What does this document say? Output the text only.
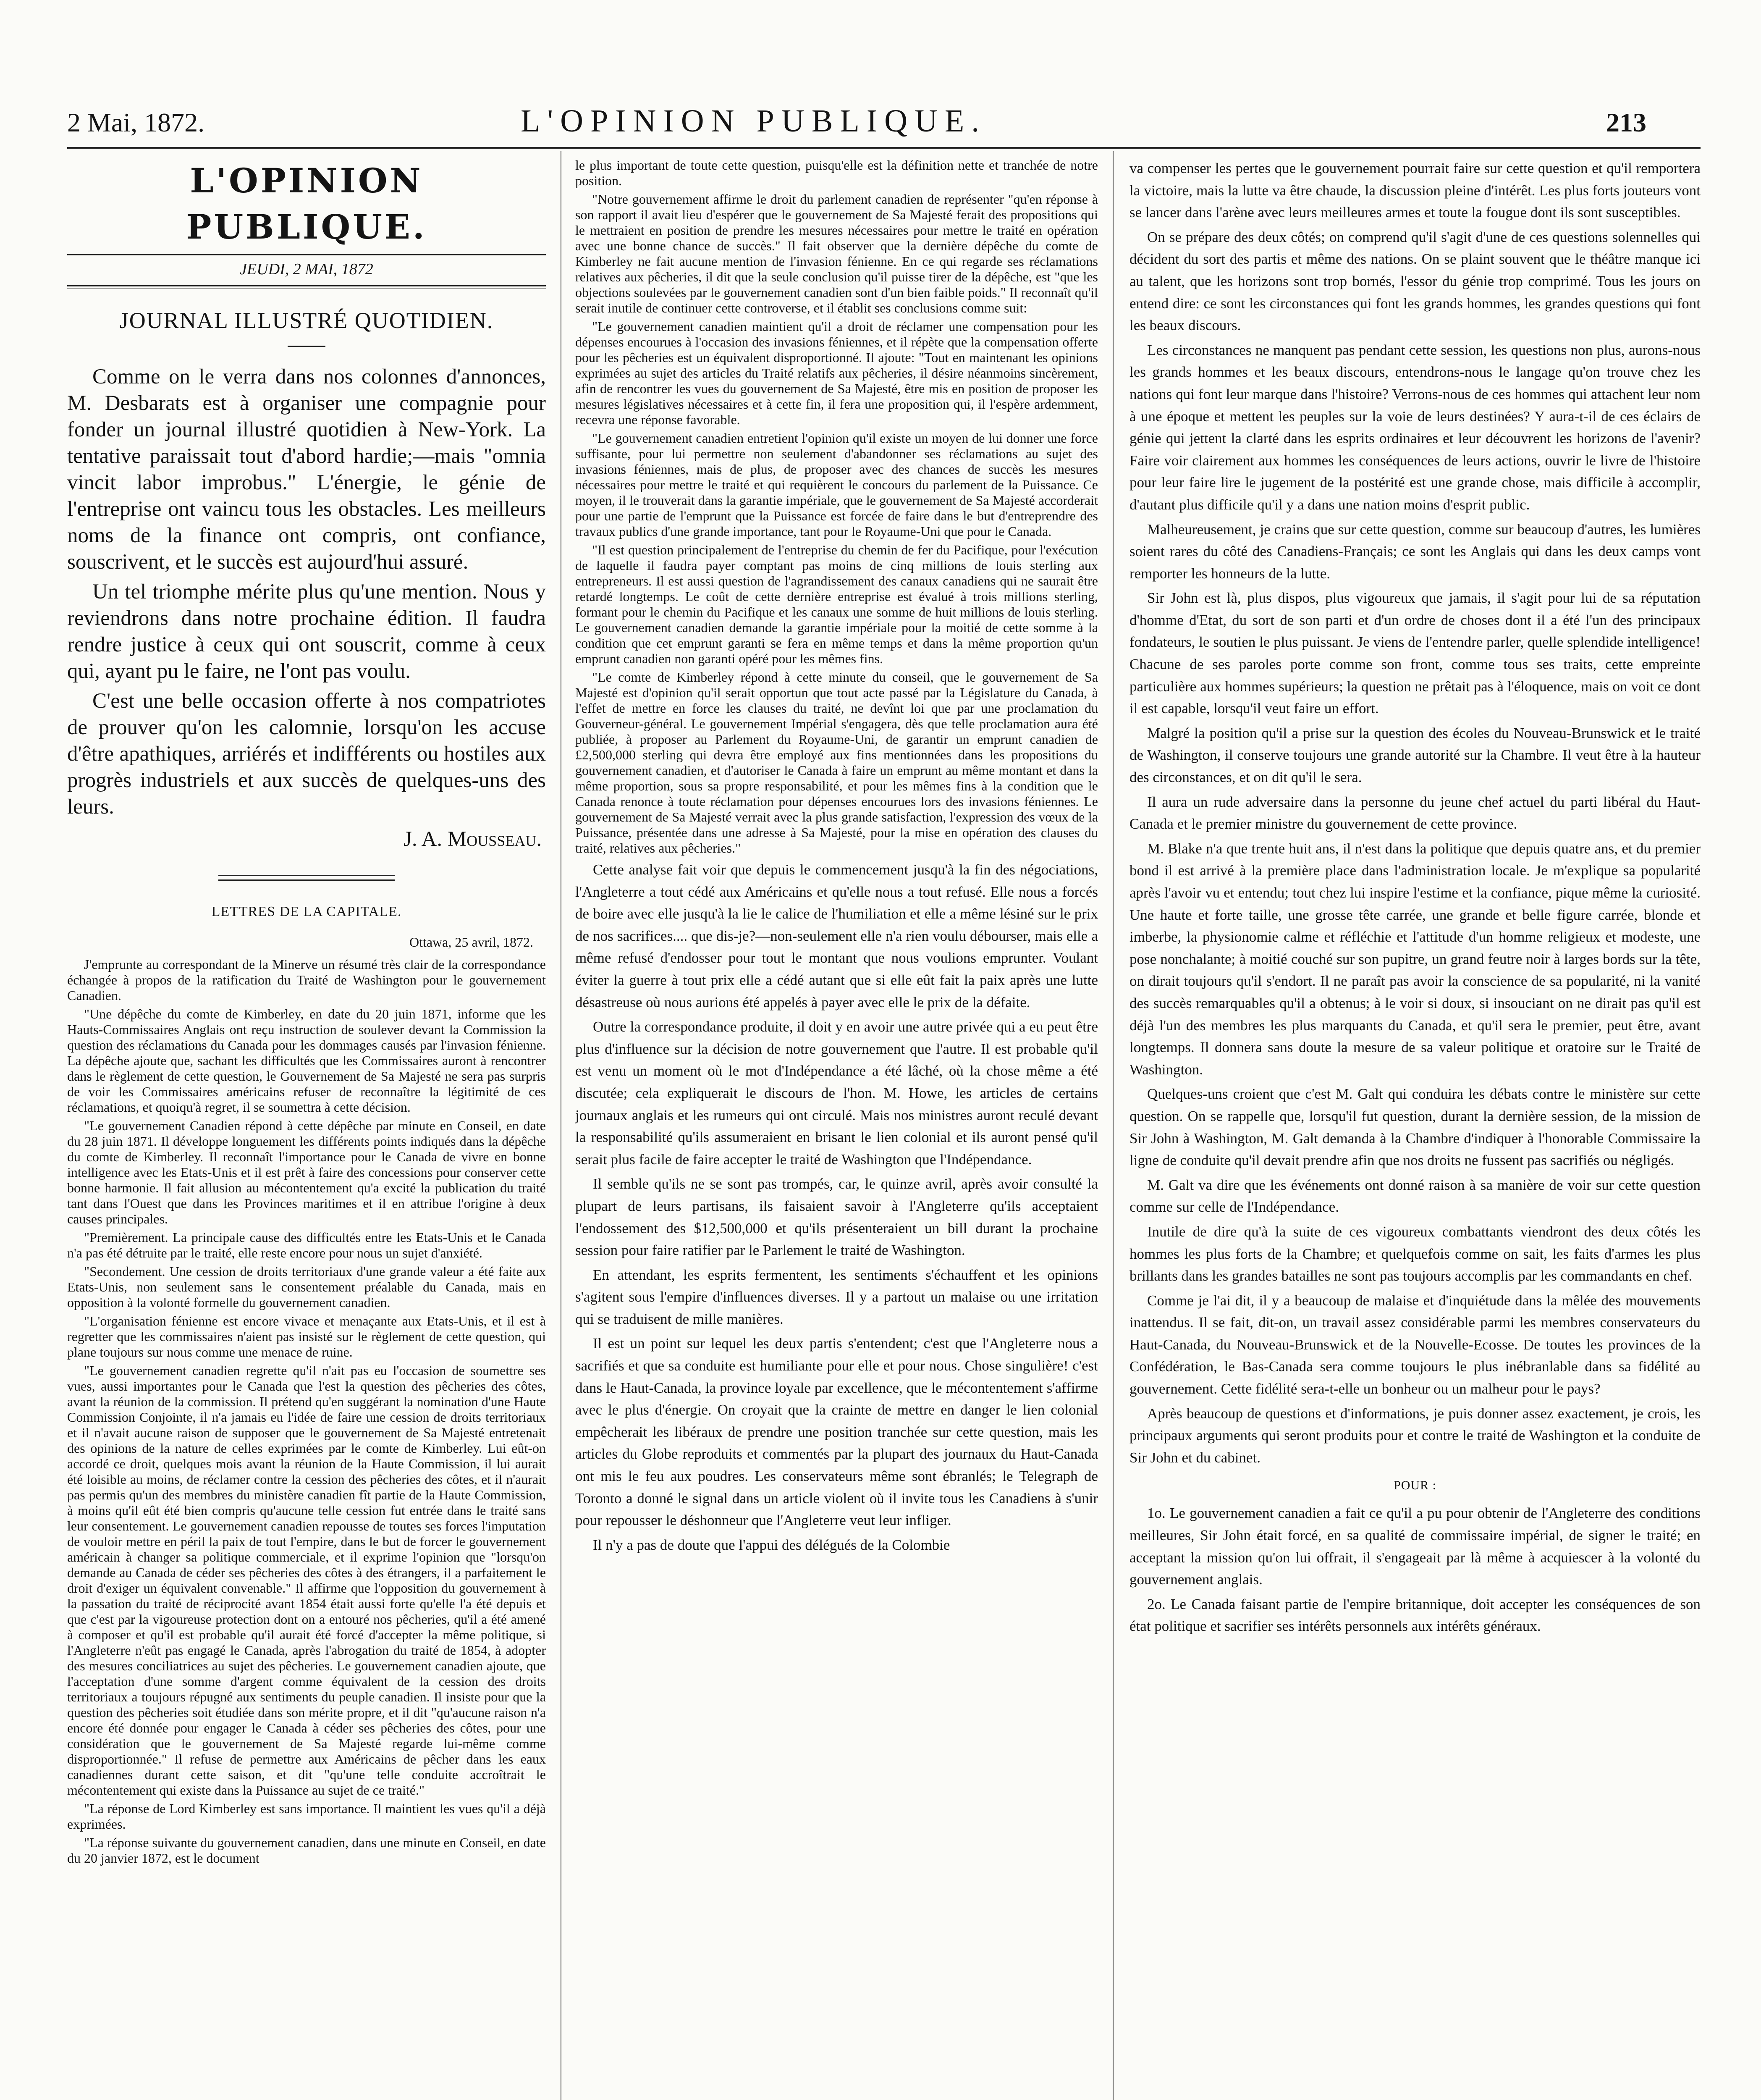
2 Mai, 1872.	L'OPINION PUBLIQUE.	213
L'OPINION PUBLIQUE.
JEUDI, 2 MAI, 1872
JOURNAL ILLUSTRÉ QUOTIDIEN.

Comme on le verra dans nos colonnes d'annonces, M. Desbarats est à organiser une compagnie pour fonder un journal illustré quotidien à New-York. La tentative paraissait tout d'abord hardie;—mais "omnia vincit labor improbus." L'énergie, le génie de l'entreprise ont vaincu tous les obstacles. Les meilleurs noms de la finance ont compris, ont confiance, souscrivent, et le succès est aujourd'hui assuré.

Un tel triomphe mérite plus qu'une mention. Nous y reviendrons dans notre prochaine édition. Il faudra rendre justice à ceux qui ont souscrit, comme à ceux qui, ayant pu le faire, ne l'ont pas voulu.

C'est une belle occasion offerte à nos compatriotes de prouver qu'on les calomnie, lorsqu'on les accuse d'être apathiques, arriérés et indifférents ou hostiles aux progrès industriels et aux succès de quelques-uns des leurs.

J. A. Mousseau.
LETTRES DE LA CAPITALE.
Ottawa, 25 avril, 1872.

J'emprunte au correspondant de la Minerve un résumé très clair de la correspondance échangée à propos de la ratification du Traité de Washington pour le gouvernement Canadien.

"Une dépêche du comte de Kimberley, en date du 20 juin 1871, informe que les Hauts-Commissaires Anglais ont reçu instruction de soulever devant la Commission la question des réclamations du Canada pour les dommages causés par l'invasion fénienne. La dépêche ajoute que, sachant les difficultés que les Commissaires auront à rencontrer dans le règlement de cette question, le Gouvernement de Sa Majesté ne sera pas surpris de voir les Commissaires américains refuser de reconnaître la légitimité de ces réclamations, et quoiqu'à regret, il se soumettra à cette décision.

"Le gouvernement Canadien répond à cette dépêche par minute en Conseil, en date du 28 juin 1871. Il développe longuement les différents points indiqués dans la dépêche du comte de Kimberley. Il reconnaît l'importance pour le Canada de vivre en bonne intelligence avec les Etats-Unis et il est prêt à faire des concessions pour conserver cette bonne harmonie. Il fait allusion au mécontentement qu'a excité la publication du traité tant dans l'Ouest que dans les Provinces maritimes et il en attribue l'origine à deux causes principales.

"Premièrement. La principale cause des difficultés entre les Etats-Unis et le Canada n'a pas été détruite par le traité, elle reste encore pour nous un sujet d'anxiété.

"Secondement. Une cession de droits territoriaux d'une grande valeur a été faite aux Etats-Unis, non seulement sans le consentement préalable du Canada, mais en opposition à la volonté formelle du gouvernement canadien.

"L'organisation fénienne est encore vivace et menaçante aux Etats-Unis, et il est à regretter que les commissaires n'aient pas insisté sur le règlement de cette question, qui plane toujours sur nous comme une menace de ruine.

"Le gouvernement canadien regrette qu'il n'ait pas eu l'occasion de soumettre ses vues, aussi importantes pour le Canada que l'est la question des pêcheries des côtes, avant la réunion de la commission. Il prétend qu'en suggérant la nomination d'une Haute Commission Conjointe, il n'a jamais eu l'idée de faire une cession de droits territoriaux et il n'avait aucune raison de supposer que le gouvernement de Sa Majesté entretenait des opinions de la nature de celles exprimées par le comte de Kimberley. Lui eût-on accordé ce droit, quelques mois avant la réunion de la Haute Commission, il lui aurait été loisible au moins, de réclamer contre la cession des pêcheries des côtes, et il n'aurait pas permis qu'un des membres du ministère canadien fît partie de la Haute Commission, à moins qu'il eût été bien compris qu'aucune telle cession fut entrée dans le traité sans leur consentement. Le gouvernement canadien repousse de toutes ses forces l'imputation de vouloir mettre en péril la paix de tout l'empire, dans le but de forcer le gouvernement américain à changer sa politique commerciale, et il exprime l'opinion que "lorsqu'on demande au Canada de céder ses pêcheries des côtes à des étrangers, il a parfaitement le droit d'exiger un équivalent convenable." Il affirme que l'opposition du gouvernement à la passation du traité de réciprocité avant 1854 était aussi forte qu'elle l'a été depuis et que c'est par la vigoureuse protection dont on a entouré nos pêcheries, qu'il a été amené à composer et qu'il est probable qu'il aurait été forcé d'accepter la même politique, si l'Angleterre n'eût pas engagé le Canada, après l'abrogation du traité de 1854, à adopter des mesures conciliatrices au sujet des pêcheries. Le gouvernement canadien ajoute, que l'acceptation d'une somme d'argent comme équivalent de la cession des droits territoriaux a toujours répugné aux sentiments du peuple canadien. Il insiste pour que la question des pêcheries soit étudiée dans son mérite propre, et il dit "qu'aucune raison n'a encore été donnée pour engager le Canada à céder ses pêcheries des côtes, pour une considération que le gouvernement de Sa Majesté regarde lui-même comme disproportionnée." Il refuse de permettre aux Américains de pêcher dans les eaux canadiennes durant cette saison, et dit "qu'une telle conduite accroîtrait le mécontentement qui existe dans la Puissance au sujet de ce traité."

"La réponse de Lord Kimberley est sans importance. Il maintient les vues qu'il a déjà exprimées.

"La réponse suivante du gouvernement canadien, dans une minute en Conseil, en date du 20 janvier 1872, est le document

le plus important de toute cette question, puisqu'elle est la définition nette et tranchée de notre position.

"Notre gouvernement affirme le droit du parlement canadien de représenter "qu'en réponse à son rapport il avait lieu d'espérer que le gouvernement de Sa Majesté ferait des propositions qui le mettraient en position de prendre les mesures nécessaires pour mettre le traité en opération avec une bonne chance de succès." Il fait observer que la dernière dépêche du comte de Kimberley ne fait aucune mention de l'invasion fénienne. En ce qui regarde ses réclamations relatives aux pêcheries, il dit que la seule conclusion qu'il puisse tirer de la dépêche, est "que les objections soulevées par le gouvernement canadien sont d'un bien faible poids." Il reconnaît qu'il serait inutile de continuer cette controverse, et il établit ses conclusions comme suit:

"Le gouvernement canadien maintient qu'il a droit de réclamer une compensation pour les dépenses encourues à l'occasion des invasions féniennes, et il répète que la compensation offerte pour les pêcheries est un équivalent disproportionné. Il ajoute: "Tout en maintenant les opinions exprimées au sujet des articles du Traité relatifs aux pêcheries, il désire néanmoins sincèrement, afin de rencontrer les vues du gouvernement de Sa Majesté, être mis en position de proposer les mesures législatives nécessaires et à cette fin, il fera une proposition qui, il l'espère ardemment, recevra une réponse favorable.

"Le gouvernement canadien entretient l'opinion qu'il existe un moyen de lui donner une force suffisante, pour lui permettre non seulement d'abandonner ses réclamations au sujet des invasions féniennes, mais de plus, de proposer avec des chances de succès les mesures nécessaires pour mettre le traité et qui requièrent le concours du parlement de la Puissance. Ce moyen, il le trouverait dans la garantie impériale, que le gouvernement de Sa Majesté accorderait pour une partie de l'emprunt que la Puissance est forcée de faire dans le but d'entreprendre des travaux publics d'une grande importance, tant pour le Royaume-Uni que pour le Canada.

"Il est question principalement de l'entreprise du chemin de fer du Pacifique, pour l'exécution de laquelle il faudra payer comptant pas moins de cinq millions de louis sterling aux entrepreneurs. Il est aussi question de l'agrandissement des canaux canadiens qui ne saurait être retardé longtemps. Le coût de cette dernière entreprise est évalué à trois millions sterling, formant pour le chemin du Pacifique et les canaux une somme de huit millions de louis sterling. Le gouvernement canadien demande la garantie impériale pour la moitié de cette somme à la condition que cet emprunt garanti se fera en même temps et dans la même proportion qu'un emprunt canadien non garanti opéré pour les mêmes fins.

"Le comte de Kimberley répond à cette minute du conseil, que le gouvernement de Sa Majesté est d'opinion qu'il serait opportun que tout acte passé par la Législature du Canada, à l'effet de mettre en force les clauses du traité, ne devînt loi que par une proclamation du Gouverneur-général. Le gouvernement Impérial s'engagera, dès que telle proclamation aura été publiée, à proposer au Parlement du Royaume-Uni, de garantir un emprunt canadien de £2,500,000 sterling qui devra être employé aux fins mentionnées dans les propositions du gouvernement canadien, et d'autoriser le Canada à faire un emprunt au même montant et dans la même proportion, sous sa propre responsabilité, et pour les mêmes fins à la condition que le Canada renonce à toute réclamation pour dépenses encourues lors des invasions féniennes. Le gouvernement de Sa Majesté verrait avec la plus grande satisfaction, l'expression des vœux de la Puissance, présentée dans une adresse à Sa Majesté, pour la mise en opération des clauses du traité, relatives aux pêcheries."

Cette analyse fait voir que depuis le commencement jusqu'à la fin des négociations, l'Angleterre a tout cédé aux Américains et qu'elle nous a tout refusé. Elle nous a forcés de boire avec elle jusqu'à la lie le calice de l'humiliation et elle a même lésiné sur le prix de nos sacrifices.... que dis-je?—non-seulement elle n'a rien voulu débourser, mais elle a même refusé d'endosser pour tout le montant que nous voulions emprunter. Voulant éviter la guerre à tout prix elle a cédé autant que si elle eût fait la paix après une lutte désastreuse où nous aurions été appelés à payer avec elle le prix de la défaite.

Outre la correspondance produite, il doit y en avoir une autre privée qui a eu peut être plus d'influence sur la décision de notre gouvernement que l'autre. Il est probable qu'il est venu un moment où le mot d'Indépendance a été lâché, où la chose même a été discutée; cela expliquerait le discours de l'hon. M. Howe, les articles de certains journaux anglais et les rumeurs qui ont circulé. Mais nos ministres auront reculé devant la responsabilité qu'ils assumeraient en brisant le lien colonial et ils auront pensé qu'il serait plus facile de faire accepter le traité de Washington que l'Indépendance.

Il semble qu'ils ne se sont pas trompés, car, le quinze avril, après avoir consulté la plupart de leurs partisans, ils faisaient savoir à l'Angleterre qu'ils acceptaient l'endossement des $12,500,000 et qu'ils présenteraient un bill durant la prochaine session pour faire ratifier par le Parlement le traité de Washington.

En attendant, les esprits fermentent, les sentiments s'échauffent et les opinions s'agitent sous l'empire d'influences diverses. Il y a partout un malaise ou une irritation qui se traduisent de mille manières.

Il est un point sur lequel les deux partis s'entendent; c'est que l'Angleterre nous a sacrifiés et que sa conduite est humiliante pour elle et pour nous. Chose singulière! c'est dans le Haut-Canada, la province loyale par excellence, que le mécontentement s'affirme avec le plus d'énergie. On croyait que la crainte de mettre en danger le lien colonial empêcherait les libéraux de prendre une position tranchée sur cette question, mais les articles du Globe reproduits et commentés par la plupart des journaux du Haut-Canada ont mis le feu aux poudres. Les conservateurs même sont ébranlés; le Telegraph de Toronto a donné le signal dans un article violent où il invite tous les Canadiens à s'unir pour repousser le déshonneur que l'Angleterre veut leur infliger.

Il n'y a pas de doute que l'appui des délégués de la Colombie

va compenser les pertes que le gouvernement pourrait faire sur cette question et qu'il remportera la victoire, mais la lutte va être chaude, la discussion pleine d'intérêt. Les plus forts jouteurs vont se lancer dans l'arène avec leurs meilleures armes et toute la fougue dont ils sont susceptibles.

On se prépare des deux côtés; on comprend qu'il s'agit d'une de ces questions solennelles qui décident du sort des partis et même des nations. On se plaint souvent que le théâtre manque ici au talent, que les horizons sont trop bornés, l'essor du génie trop comprimé. Tous les jours on entend dire: ce sont les circonstances qui font les grands hommes, les grandes questions qui font les beaux discours.

Les circonstances ne manquent pas pendant cette session, les questions non plus, aurons-nous les grands hommes et les beaux discours, entendrons-nous le langage qu'on trouve chez les nations qui font leur marque dans l'histoire? Verrons-nous de ces hommes qui attachent leur nom à une époque et mettent les peuples sur la voie de leurs destinées? Y aura-t-il de ces éclairs de génie qui jettent la clarté dans les esprits ordinaires et leur découvrent les horizons de l'avenir? Faire voir clairement aux hommes les conséquences de leurs actions, ouvrir le livre de l'histoire pour leur faire lire le jugement de la postérité est une grande chose, mais difficile à accomplir, d'autant plus difficile qu'il y a dans une nation moins d'esprit public.

Malheureusement, je crains que sur cette question, comme sur beaucoup d'autres, les lumières soient rares du côté des Canadiens-Français; ce sont les Anglais qui dans les deux camps vont remporter les honneurs de la lutte.

Sir John est là, plus dispos, plus vigoureux que jamais, il s'agit pour lui de sa réputation d'homme d'Etat, du sort de son parti et d'un ordre de choses dont il a été l'un des principaux fondateurs, le soutien le plus puissant. Je viens de l'entendre parler, quelle splendide intelligence! Chacune de ses paroles porte comme son front, comme tous ses traits, cette empreinte particulière aux hommes supérieurs; la question ne prêtait pas à l'éloquence, mais on voit ce dont il est capable, lorsqu'il veut faire un effort.

Malgré la position qu'il a prise sur la question des écoles du Nouveau-Brunswick et le traité de Washington, il conserve toujours une grande autorité sur la Chambre. Il veut être à la hauteur des circonstances, et on dit qu'il le sera.

Il aura un rude adversaire dans la personne du jeune chef actuel du parti libéral du Haut-Canada et le premier ministre du gouvernement de cette province.

M. Blake n'a que trente huit ans, il n'est dans la politique que depuis quatre ans, et du premier bond il est arrivé à la première place dans l'administration locale. Je m'explique sa popularité après l'avoir vu et entendu; tout chez lui inspire l'estime et la confiance, pique même la curiosité. Une haute et forte taille, une grosse tête carrée, une grande et belle figure carrée, blonde et imberbe, la physionomie calme et réfléchie et l'attitude d'un homme religieux et modeste, une pose nonchalante; à moitié couché sur son pupitre, un grand feutre noir à larges bords sur la tête, on dirait toujours qu'il s'endort. Il ne paraît pas avoir la conscience de sa popularité, ni la vanité des succès remarquables qu'il a obtenus; à le voir si doux, si insouciant on ne dirait pas qu'il est déjà l'un des membres les plus marquants du Canada, et qu'il sera le premier, peut être, avant longtemps. Il donnera sans doute la mesure de sa valeur politique et oratoire sur le Traité de Washington.

Quelques-uns croient que c'est M. Galt qui conduira les débats contre le ministère sur cette question. On se rappelle que, lorsqu'il fut question, durant la dernière session, de la mission de Sir John à Washington, M. Galt demanda à la Chambre d'indiquer à l'honorable Commissaire la ligne de conduite qu'il devait prendre afin que nos droits ne fussent pas sacrifiés ou négligés.

M. Galt va dire que les événements ont donné raison à sa manière de voir sur cette question comme sur celle de l'Indépendance.

Inutile de dire qu'à la suite de ces vigoureux combattants viendront des deux côtés les hommes les plus forts de la Chambre; et quelquefois comme on sait, les faits d'armes les plus brillants dans les grandes batailles ne sont pas toujours accomplis par les commandants en chef.

Comme je l'ai dit, il y a beaucoup de malaise et d'inquiétude dans la mêlée des mouvements inattendus. Il se fait, dit-on, un travail assez considérable parmi les membres conservateurs du Haut-Canada, du Nouveau-Brunswick et de la Nouvelle-Ecosse. De toutes les provinces de la Confédération, le Bas-Canada sera comme toujours le plus inébranlable dans sa fidélité au gouvernement. Cette fidélité sera-t-elle un bonheur ou un malheur pour le pays?

Après beaucoup de questions et d'informations, je puis donner assez exactement, je crois, les principaux arguments qui seront produits pour et contre le traité de Washington et la conduite de Sir John et du cabinet.

POUR :

1o. Le gouvernement canadien a fait ce qu'il a pu pour obtenir de l'Angleterre des conditions meilleures, Sir John était forcé, en sa qualité de commissaire impérial, de signer le traité; en acceptant la mission qu'on lui offrait, il s'engageait par là même à acquiescer à la volonté du gouvernement anglais.

2o. Le Canada faisant partie de l'empire britannique, doit accepter les conséquences de son état politique et sacrifier ses intérêts personnels aux intérêts généraux.
